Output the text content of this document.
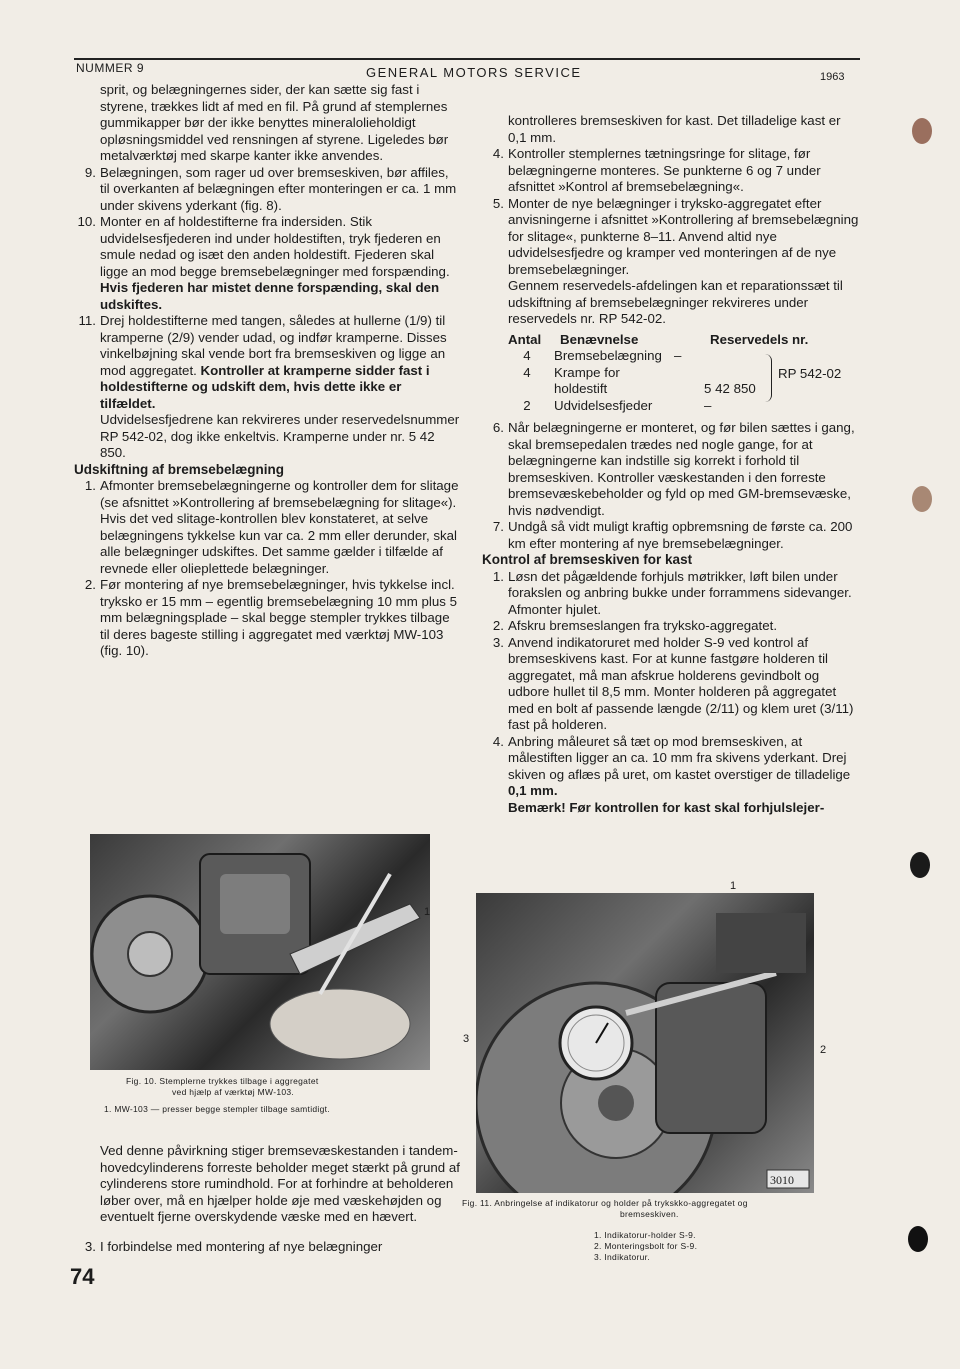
NUMMER 9	GENERAL MOTORS SERVICE	1963

sprit, og belægningernes sider, der kan sætte sig fast i styrene, trækkes lidt af med en fil. På grund af stemplernes gummikapper bør der ikke benyttes mineralolieholdigt opløsningsmiddel ved rensningen af styrene. Ligeledes bør metalværktøj med skarpe kanter ikke anvendes.

9. Belægningen, som rager ud over bremseskiven, bør affiles, til overkanten af belægningen efter monteringen er ca. 1 mm under skivens yderkant (fig. 8).

10. Monter en af holdestifterne fra indersiden. Stik udvidelsesfjederen ind under holdestiften, tryk fjederen en smule nedad og isæt den anden holdestift. Fjederen skal ligge an mod begge bremsebelægninger med forspænding. Hvis fjederen har mistet denne forspænding, skal den udskiftes.

11. Drej holdestifterne med tangen, således at hullerne (1/9) til kramperne (2/9) vender udad, og indfør kramperne. Disses vinkelbøjning skal vende bort fra bremseskiven og ligge an mod aggregatet. Kontroller at kramperne sidder fast i holdestifterne og udskift dem, hvis dette ikke er tilfældet.

Udvidelsesfjedrene kan rekvireres under reservedelsnummer RP 542-02, dog ikke enkeltvis. Kramperne under nr. 5 42 850.

Udskiftning af bremsebelægning

1. Afmonter bremsebelægningerne og kontroller dem for slitage (se afsnittet »Kontrollering af bremsebelægning for slitage«).

Hvis det ved slitage-kontrollen blev konstateret, at selve belægningens tykkelse kun var ca. 2 mm eller derunder, skal alle belægninger udskiftes. Det samme gælder i tilfælde af revnede eller olieplettede belægninger.

2. Før montering af nye bremsebelægninger, hvis tykkelse incl. tryksko er 15 mm – egentlig bremsebelægning 10 mm plus 5 mm belægningsplade – skal begge stempler trykkes tilbage til deres bageste stilling i aggregatet med værktøj MW-103 (fig. 10).

1
Fig. 10. Stemplerne trykkes tilbage i aggregatet
ved hjælp af værktøj MW-103.
1. MW-103 — presser begge stempler tilbage samtidigt.

Ved denne påvirkning stiger bremsevæskestanden i tandem-hovedcylinderens forreste beholder meget stærkt på grund af cylinderens store rumindhold. For at forhindre at beholderen løber over, må en hjælper holde øje med væskehøjden og eventuelt fjerne overskydende væske med en hævert.

3. I forbindelse med montering af nye belægninger

74

kontrolleres bremseskiven for kast. Det tilladelige kast er 0,1 mm.

4. Kontroller stemplernes tætningsringe for slitage, før belægningerne monteres. Se punkterne 6 og 7 under afsnittet »Kontrol af bremsebelægning«.

5. Monter de nye belægninger i tryksko-aggregatet efter anvisningerne i afsnittet »Kontrollering af bremsebelægning for slitage«, punkterne 8–11. Anvend altid nye udvidelsesfjedre og kramper ved monteringen af de nye bremsebelægninger.

Gennem reservedels-afdelingen kan et reparationssæt til udskiftning af bremsebelægninger rekvireres under reservedels nr. RP 542-02.

Antal	Benævnelse	Reservedels nr.
4	Bremsebelægning –
4	Krampe for
holdestift	5 42 850
2	Udvidelsesfjeder	–
RP 542-02

6. Når belægningerne er monteret, og før bilen sættes i gang, skal bremsepedalen trædes ned nogle gange, for at belægningerne kan indstille sig korrekt i forhold til bremseskiven. Kontroller væskestanden i den forreste bremsevæskebeholder og fyld op med GM-bremsevæske, hvis nødvendigt.

7. Undgå så vidt muligt kraftig opbremsning de første ca. 200 km efter montering af nye bremsebelægninger.

Kontrol af bremseskiven for kast

1. Løsn det pågældende forhjuls møtrikker, løft bilen under forakslen og anbring bukke under forrammens sidevanger. Afmonter hjulet.

2. Afskru bremseslangen fra tryksko-aggregatet.

3. Anvend indikatoruret med holder S-9 ved kontrol af bremseskivens kast. For at kunne fastgøre holderen til aggregatet, må man afskrue holderens gevindbolt og udbore hullet til 8,5 mm. Monter holderen på aggregatet med en bolt af passende længde (2/11) og klem uret (3/11) fast på holderen.

4. Anbring måleuret så tæt op mod bremseskiven, at målestiften ligger an ca. 10 mm fra skivens yderkant. Drej skiven og aflæs på uret, om kastet overstiger de tilladelige 0,1 mm.

Bemærk! Før kontrollen for kast skal forhjulslejer-

1
3010
3
2
Fig. 11. Anbringelse af indikatorur og holder på trykskko-aggregatet og
bremseskiven.
1. Indikatorur-holder S-9.
2. Monteringsbolt for S-9.
3. Indikatorur.
